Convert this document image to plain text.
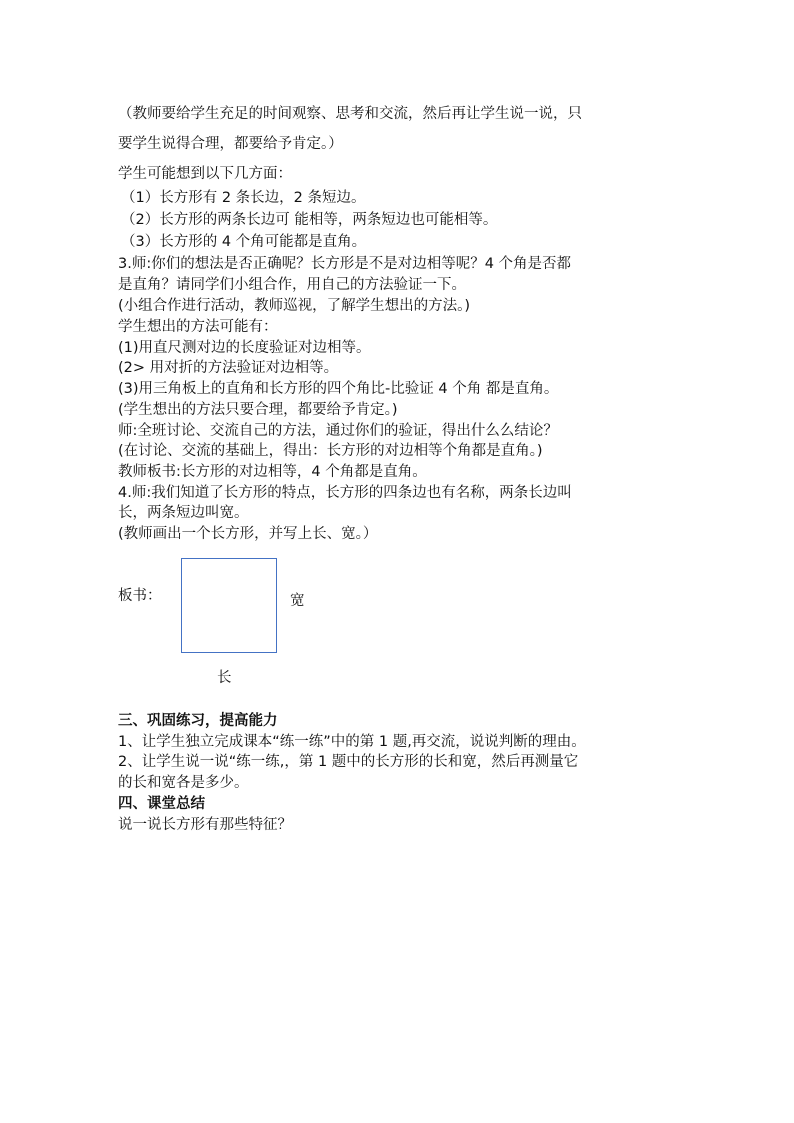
（教师要给学生充足的时间观察、思考和交流，然后再让学生说一说，只
要学生说得合理，都要给予肯定。）
学生可能想到以下几方面：
（1）长方形有 2 条长边，2 条短边。
（2）长方形的两条长边可 能相等，两条短边也可能相等。
（3）长方形的 4 个角可能都是直角。
3.师:你们的想法是否正确呢？长方形是不是对边相等呢？4 个角是否都
是直角？请同学们小组合作，用自己的方法验证一下。
(小组合作进行活动，教师巡视，了解学生想出的方法。)
学生想出的方法可能有：
(1)用直尺测对边的长度验证对边相等。
(2> 用对折的方法验证对边相等。
(3)用三角板上的直角和长方形的四个角比-比验证 4 个角 都是直角。
(学生想出的方法只要合理，都要给予肯定。)
师:全班讨论、交流自己的方法，通过你们的验证，得出什么么结论？
(在讨论、交流的基础上，得出：长方形的对边相等个角都是直角。)
教师板书:长方形的对边相等，4 个角都是直角。
4.师:我们知道了长方形的特点，长方形的四条边也有名称，两条长边叫
长，两条短边叫宽。
(教师画出一个长方形，并写上长、宽。）
板书：	宽
长
三、巩固练习，提高能力
1、让学生独立完成课本“练一练”中的第 1 题,再交流，说说判断的理由。
2、让学生说一说“练一练,，第 1 题中的长方形的长和宽，然后再测量它
的长和宽各是多少。
四、课堂总结
说一说长方形有那些特征？
